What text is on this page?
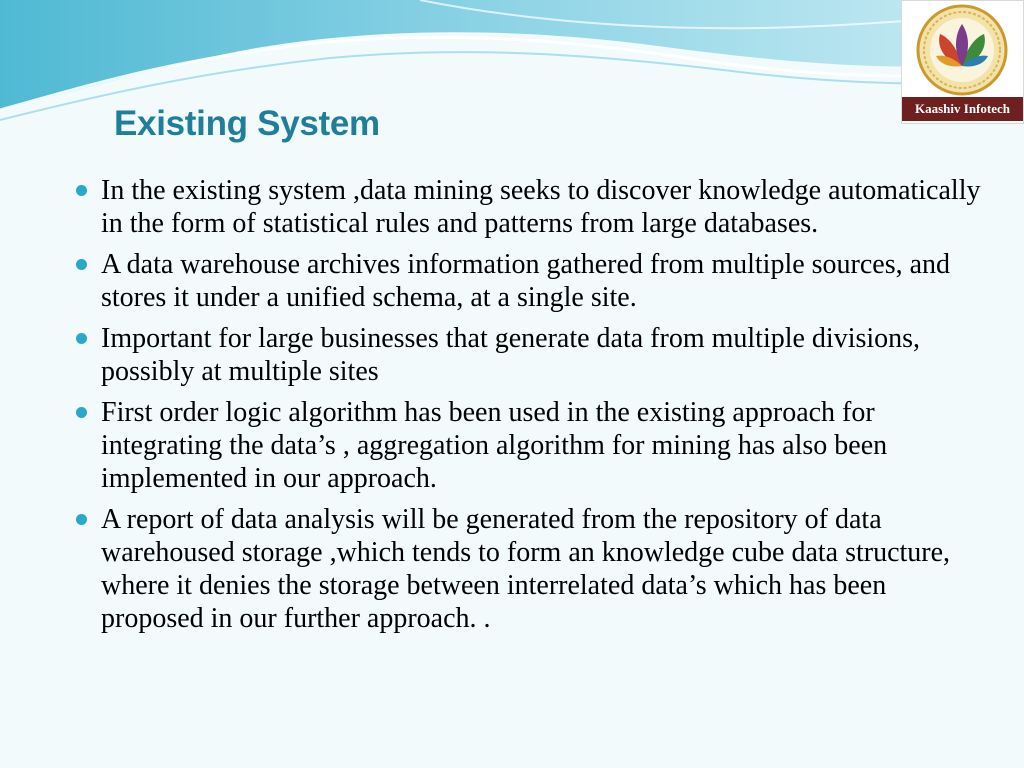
Existing System
In the existing system ,data mining seeks to discover knowledge automatically in the form of statistical rules and patterns from large databases.
A data warehouse archives information gathered from multiple sources, and stores it under a unified schema, at a single site.
Important for large businesses that generate data from multiple divisions, possibly at multiple sites
First order logic algorithm has been used in the existing approach for integrating the data’s , aggregation algorithm for mining has also been implemented in our approach.
A report of data analysis will be generated from the repository of data warehoused storage ,which tends to form an knowledge cube data structure, where it denies the storage between interrelated data’s which has been proposed in our further approach. .
Kaashiv Infotech
